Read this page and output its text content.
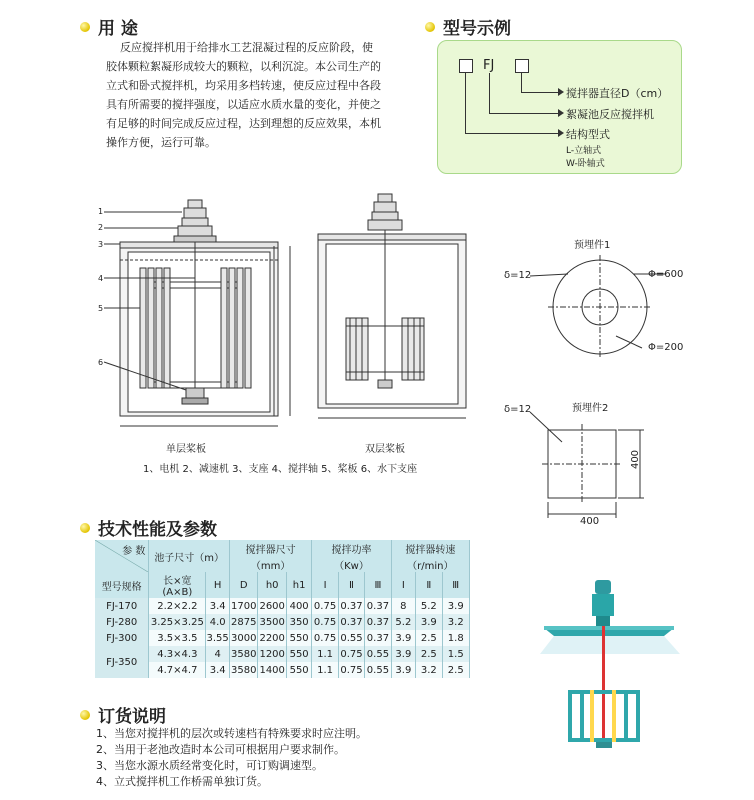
用 途
反应搅拌机用于给排水工艺混凝过程的反应阶段，使
胶体颗粒絮凝形成较大的颗粒，以利沉淀。本公司生产的
立式和卧式搅拌机，均采用多档转速，使反应过程中各段
具有所需要的搅拌强度，以适应水质水量的变化，并使之
有足够的时间完成反应过程，达到理想的反应效果，本机
操作方便，运行可靠。
型号示例
FJ
搅拌器直径D（cm）
絮凝池反应搅拌机
结构型式
L-立轴式
W-卧轴式
1
2
3
4
5
6
单层桨板	双层桨板
1、电机 2、减速机 3、支座 4、搅拌轴 5、桨板 6、水下支座
预埋件1
δ=12	Φ=600
Φ=200
预埋件2
δ=12
400
400
技术性能及参数
参 数	池子尺寸（m）		搅拌器尺寸			搅拌功率			搅拌器转速		

			（mm）			（Kw）			（r/min）		
型号规格	长×宽(A×B)	H	D	h0	h1	Ⅰ	Ⅱ	Ⅲ	Ⅰ	Ⅱ	Ⅲ
FJ-170	2.2×2.2	3.4	1700	2600	400	0.75	0.37	0.37	8	5.2	3.9
FJ-280	3.25×3.25	4.0	2875	3500	350	0.75	0.37	0.37	5.2	3.9	3.2
FJ-300	3.5×3.5	3.55	3000	2200	550	0.75	0.55	0.37	3.9	2.5	1.8
FJ-350	4.3×4.3	4	3580	1200	550	1.1	0.75	0.55	3.9	2.5	1.5
	4.7×4.7	3.4	3580	1400	550	1.1	0.75	0.55	3.9	3.2	2.5
订货说明
1、当您对搅拌机的层次或转速档有特殊要求时应注明。
2、当用于老池改造时本公司可根据用户要求制作。
3、当您水源水质经常变化时，可订购调速型。
4、立式搅拌机工作桥需单独订货。
